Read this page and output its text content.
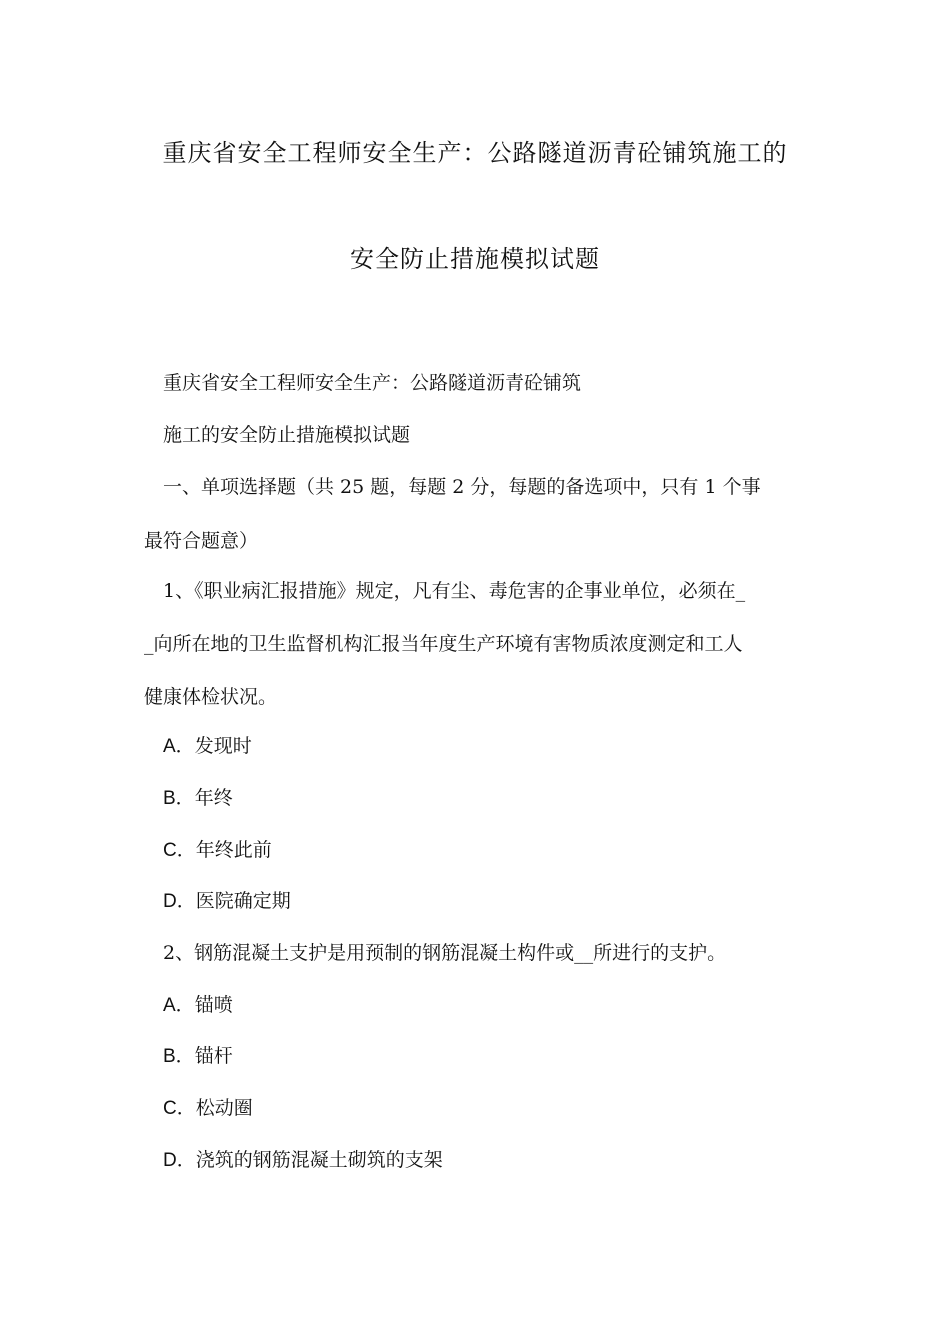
重庆省安全工程师安全生产：公路隧道沥青砼铺筑施工的
安全防止措施模拟试题
重庆省安全工程师安全生产：公路隧道沥青砼铺筑
施工的安全防止措施模拟试题
一、单项选择题（共 25 题，每题 2 分，每题的备选项中，只有 1 个事
最符合题意）
1、《职业病汇报措施》规定，凡有尘、毒危害的企事业单位，必须在_
_向所在地的卫生监督机构汇报当年度生产环境有害物质浓度测定和工人
健康体检状况。
A．发现时
B．年终
C．年终此前
D．医院确定期
2、钢筋混凝土支护是用预制的钢筋混凝土构件或__所进行的支护。
A．锚喷
B．锚杆
C．松动圈
D．浇筑的钢筋混凝土砌筑的支架
